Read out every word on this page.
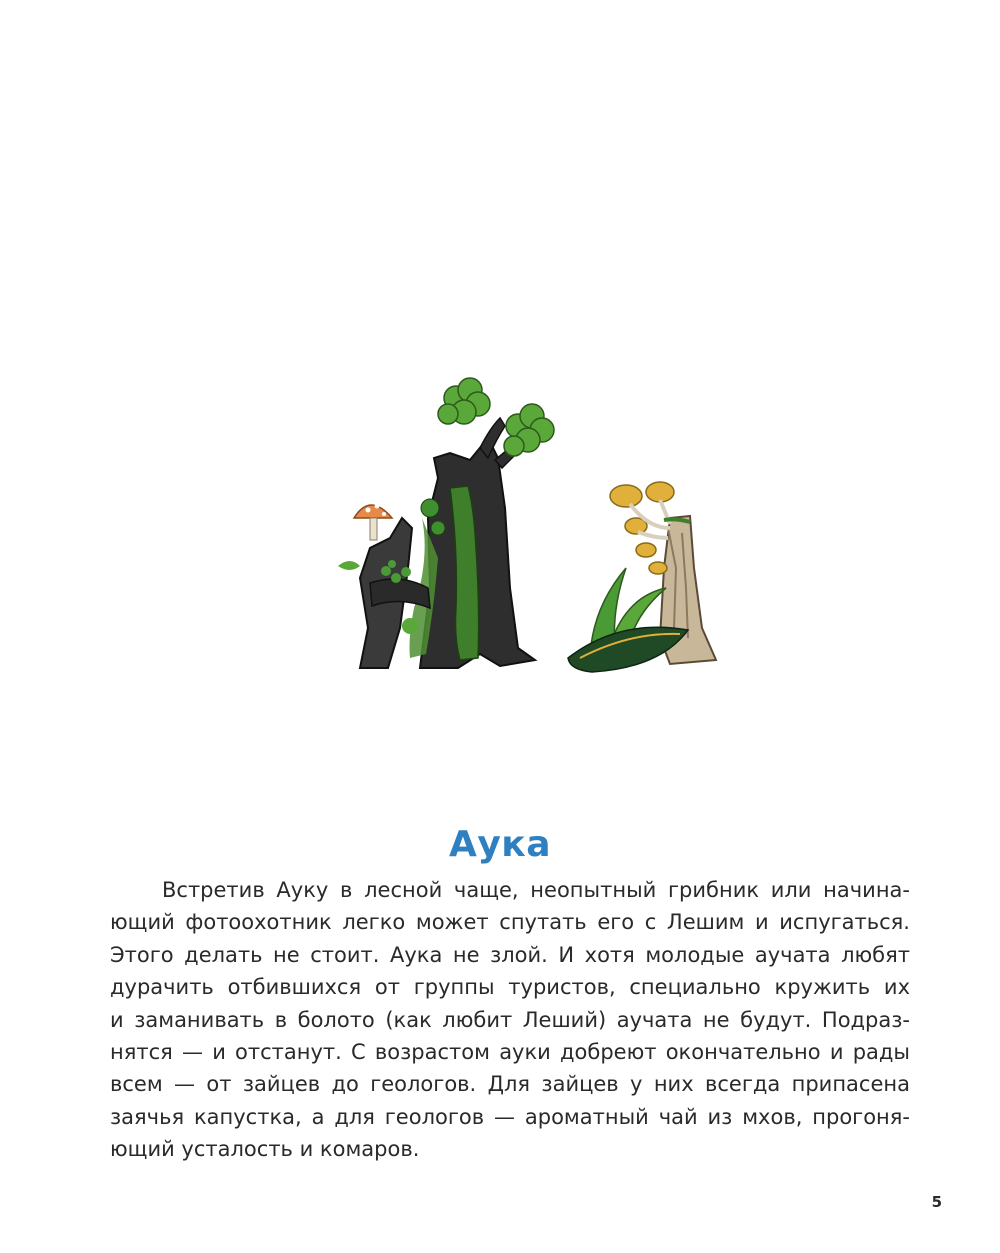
Аука
Встретив Ауку в лесной чаще, неопытный грибник или начина-
ющий фотоохотник легко может спутать его с Лешим и испугаться.
Этого делать не стоит. Аука не злой. И хотя молодые аучата любят
дурачить отбившихся от группы туристов, специально кружить их
и заманивать в болото (как любит Леший) аучата не будут. Подраз-
нятся — и отстанут. С возрастом ауки добреют окончательно и рады
всем — от зайцев до геологов. Для зайцев у них всегда припасена
заячья капустка, а для геологов — ароматный чай из мхов, прогоня-
ющий усталость и комаров.
5
